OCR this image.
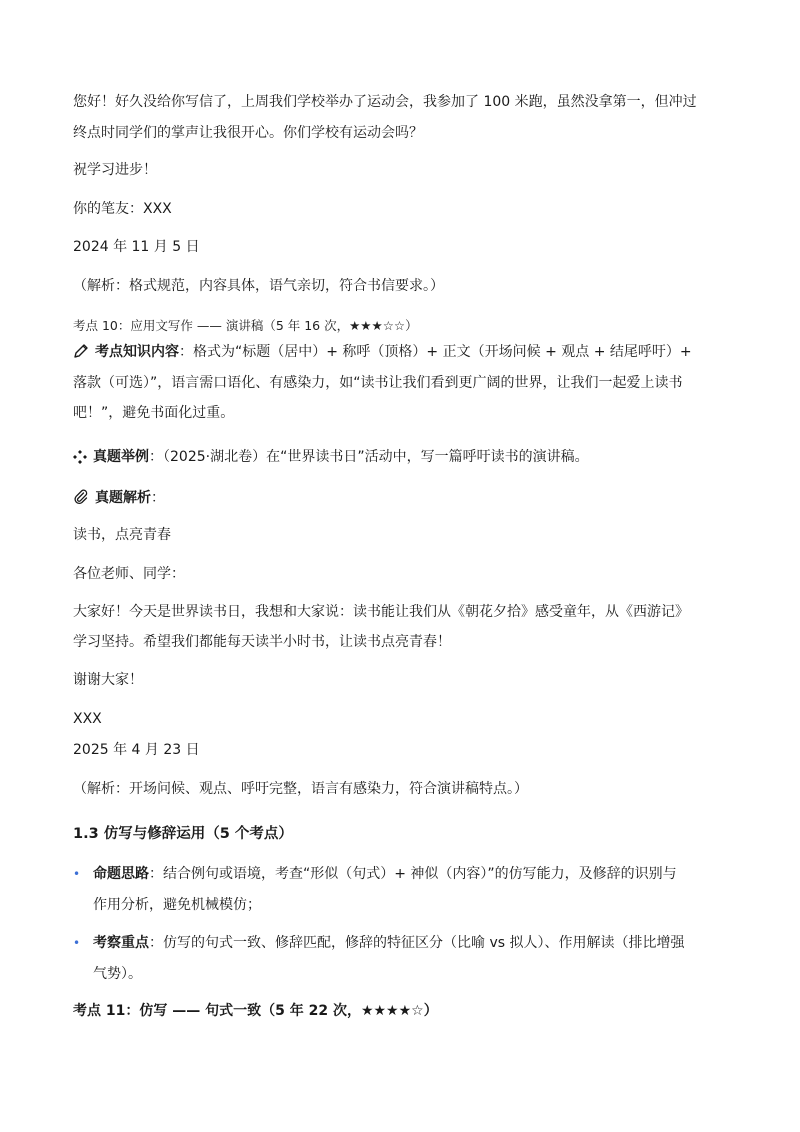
您好！好久没给你写信了，上周我们学校举办了运动会，我参加了 100 米跑，虽然没拿第一，但冲过
终点时同学们的掌声让我很开心。你们学校有运动会吗？
祝学习进步！
你的笔友：XXX
2024 年 11 月 5 日
（解析：格式规范，内容具体，语气亲切，符合书信要求。）
考点 10：应用文写作 —— 演讲稿（5 年 16 次，★★★☆☆）
考点知识内容：格式为“标题（居中）+ 称呼（顶格）+ 正文（开场问候 + 观点 + 结尾呼吁）+
落款（可选）”，语言需口语化、有感染力，如“读书让我们看到更广阔的世界，让我们一起爱上读书
吧！”，避免书面化过重。
真题举例：（2025·湖北卷）在“世界读书日”活动中，写一篇呼吁读书的演讲稿。
真题解析：
读书，点亮青春
各位老师、同学：
大家好！今天是世界读书日，我想和大家说：读书能让我们从《朝花夕拾》感受童年，从《西游记》
学习坚持。希望我们都能每天读半小时书，让读书点亮青春！
谢谢大家！
XXX
2025 年 4 月 23 日
（解析：开场问候、观点、呼吁完整，语言有感染力，符合演讲稿特点。）
1.3 仿写与修辞运用（5 个考点）
• 命题思路：结合例句或语境，考查“形似（句式）+ 神似（内容）”的仿写能力，及修辞的识别与
作用分析，避免机械模仿；
• 考察重点：仿写的句式一致、修辞匹配，修辞的特征区分（比喻 vs 拟人）、作用解读（排比增强
气势）。
考点 11：仿写 —— 句式一致（5 年 22 次，★★★★☆）
